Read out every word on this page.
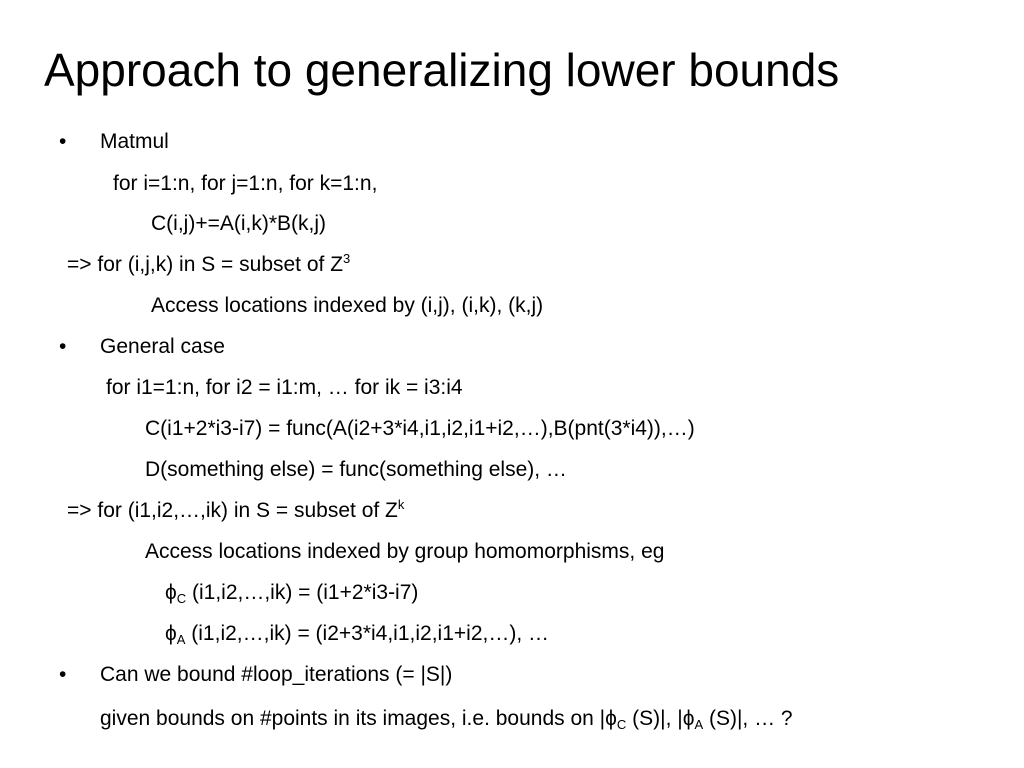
Approach to generalizing lower bounds
• Matmul
for i=1:n, for j=1:n, for k=1:n,
C(i,j)+=A(i,k)*B(k,j)
=> for (i,j,k) in S = subset of $Z^3$
Access locations indexed by (i,j), (i,k), (k,j)
• General case
for i1=1:n, for i2 = i1:m, … for ik = i3:i4
C(i1+2*i3-i7) = func(A(i2+3*i4,i1,i2,i1+i2,…),B(pnt(3*i4)),…)
D(something else) = func(something else), …
=> for (i1,i2,…,ik) in S = subset of $Z^k$
Access locations indexed by group homomorphisms, eg
$\phi_C$ (i1,i2,…,ik) = (i1+2*i3-i7)
$\phi_A$ (i1,i2,…,ik) = (i2+3*i4,i1,i2,i1+i2,…), …
• Can we bound #loop_iterations (= |S|)
given bounds on #points in its images, i.e. bounds on $|\phi_C$ (S)|, $|\phi_A$ (S)|, … ?
